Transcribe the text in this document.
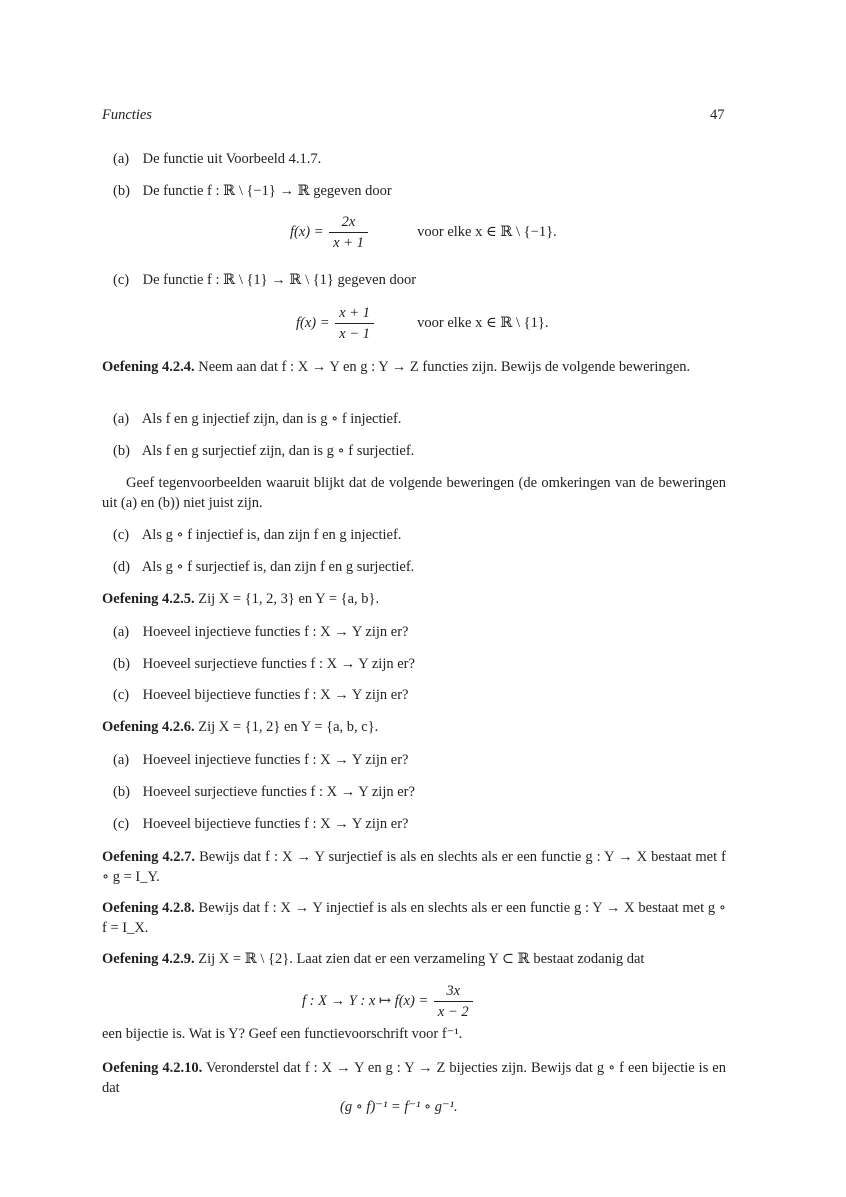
Functies	47
(a) De functie uit Voorbeeld 4.1.7.
(b) De functie f : ℝ \ {−1} → ℝ gegeven door
$f(x) = \frac{2x}{x + 1}$	voor elke x ∈ ℝ \ {−1}.
(c) De functie f : ℝ \ {1} → ℝ \ {1} gegeven door
$f(x) = \frac{x + 1}{x - 1}$	voor elke x ∈ ℝ \ {1}.
Oefening 4.2.4. Neem aan dat f : X → Y en g : Y → Z functies zijn. Bewijs de volgende beweringen.
(a) Als f en g injectief zijn, dan is g ∘ f injectief.
(b) Als f en g surjectief zijn, dan is g ∘ f surjectief.
Geef tegenvoorbeelden waaruit blijkt dat de volgende beweringen (de omkeringen van de beweringen uit (a) en (b)) niet juist zijn.
(c) Als g ∘ f injectief is, dan zijn f en g injectief.
(d) Als g ∘ f surjectief is, dan zijn f en g surjectief.
Oefening 4.2.5. Zij X = {1, 2, 3} en Y = {a, b}.
(a) Hoeveel injectieve functies f : X → Y zijn er?
(b) Hoeveel surjectieve functies f : X → Y zijn er?
(c) Hoeveel bijectieve functies f : X → Y zijn er?
Oefening 4.2.6. Zij X = {1, 2} en Y = {a, b, c}.
(a) Hoeveel injectieve functies f : X → Y zijn er?
(b) Hoeveel surjectieve functies f : X → Y zijn er?
(c) Hoeveel bijectieve functies f : X → Y zijn er?
Oefening 4.2.7. Bewijs dat f : X → Y surjectief is als en slechts als er een functie g : Y → X bestaat met f ∘ g = I_Y.
Oefening 4.2.8. Bewijs dat f : X → Y injectief is als en slechts als er een functie g : Y → X bestaat met g ∘ f = I_X.
Oefening 4.2.9. Zij X = ℝ \ {2}. Laat zien dat er een verzameling Y ⊂ ℝ bestaat zodanig dat
f : X → Y : x ↦ $f(x) = \frac{3x}{x - 2}$
een bijectie is. Wat is Y? Geef een functievoorschrift voor f⁻¹.
Oefening 4.2.10. Veronderstel dat f : X → Y en g : Y → Z bijecties zijn. Bewijs dat g ∘ f een bijectie is en dat
(g ∘ f)⁻¹ = f⁻¹ ∘ g⁻¹.
